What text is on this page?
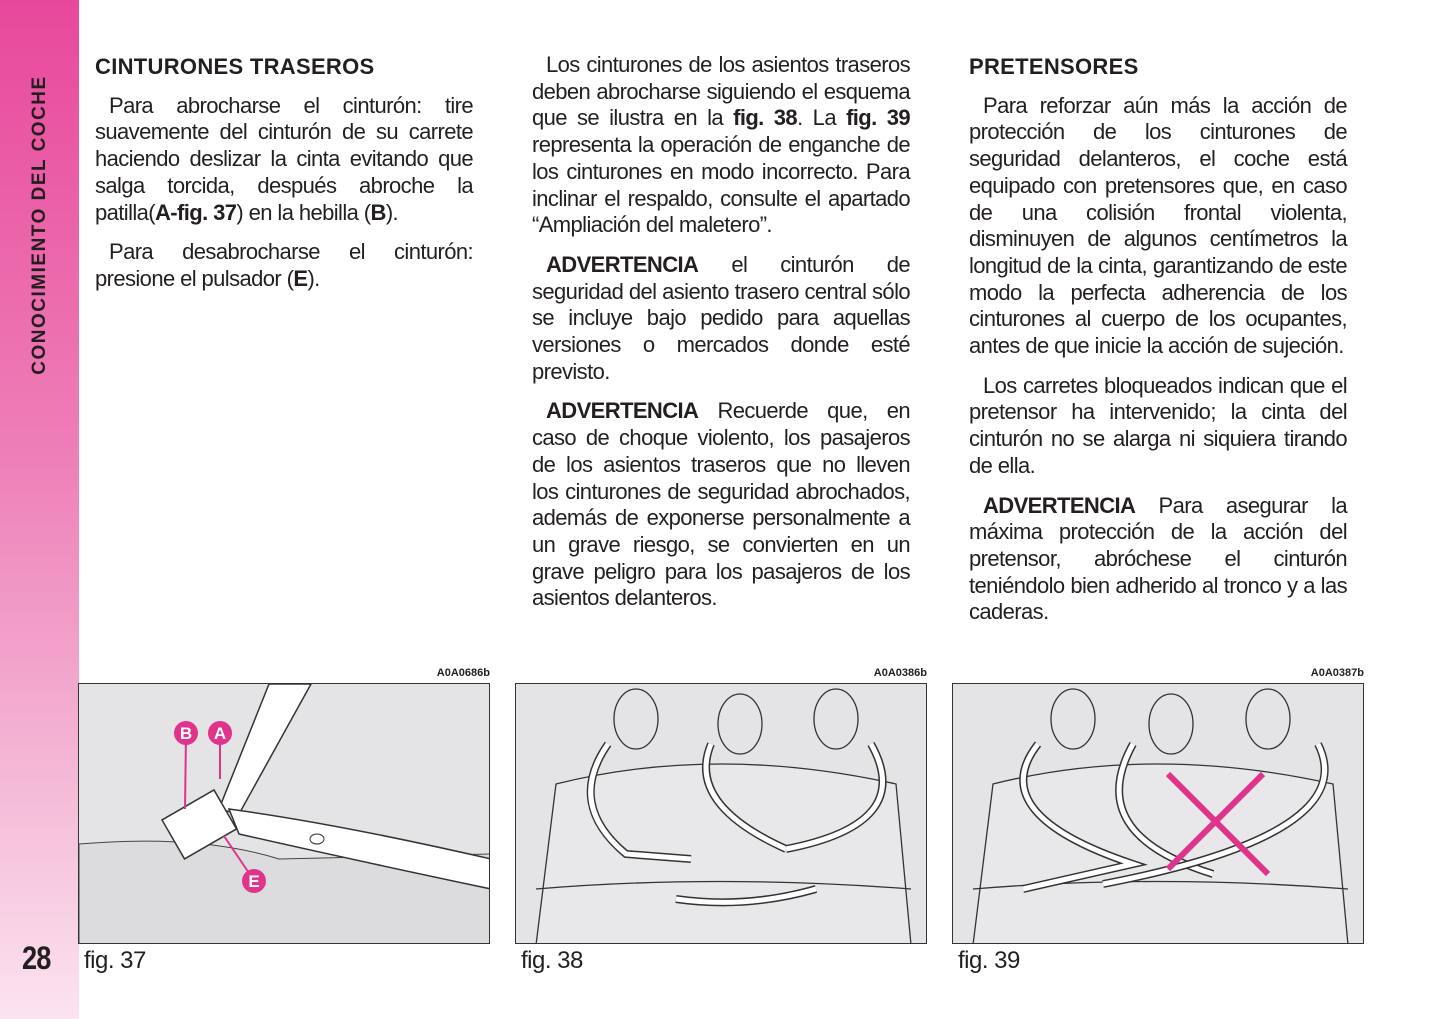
CONOCIMIENTO DEL COCHE
28
CINTURONES TRASEROS

Para abrocharse el cinturón: tire suavemente del cinturón de su carrete haciendo deslizar la cinta evitando que salga torcida, después abroche la patilla(A-fig. 37) en la hebilla (B).

Para desabrocharse el cinturón: presione el pulsador (E).

Los cinturones de los asientos traseros deben abrocharse siguiendo el esquema que se ilustra en la fig. 38. La fig. 39 representa la operación de enganche de los cinturones en modo incorrecto. Para inclinar el respaldo, consulte el apartado “Ampliación del maletero”.

ADVERTENCIA el cinturón de seguridad del asiento trasero central sólo se incluye bajo pedido para aquellas versiones o mercados donde esté previsto.

ADVERTENCIA Recuerde que, en caso de choque violento, los pasajeros de los asientos traseros que no lleven los cinturones de seguridad abrochados, además de exponerse personalmente a un grave riesgo, se convierten en un grave peligro para los pasajeros de los asientos delanteros.

PRETENSORES

Para reforzar aún más la acción de protección de los cinturones de seguridad delanteros, el coche está equipado con pretensores que, en caso de una colisión frontal violenta, disminuyen de algunos centímetros la longitud de la cinta, garantizando de este modo la perfecta adherencia de los cinturones al cuerpo de los ocupantes, antes de que inicie la acción de sujeción.

Los carretes bloqueados indican que el pretensor ha intervenido; la cinta del cinturón no se alarga ni siquiera tirando de ella.

ADVERTENCIA Para asegurar la máxima protección de la acción del pretensor, abróchese el cinturón teniéndolo bien adherido al tronco y a las caderas.

A0A0686b
B A
E
fig. 37
A0A0386b
fig. 38
A0A0387b
fig. 39
